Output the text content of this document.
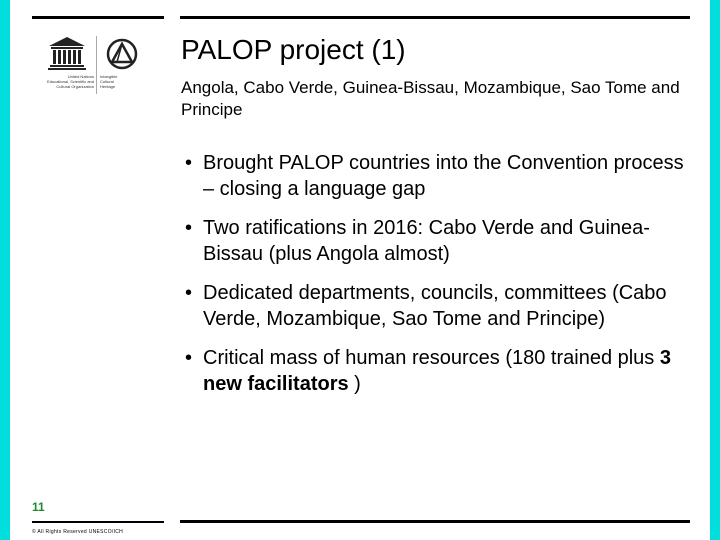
United Nations
Educational, Scientific and
Cultural Organization
Intangible
Cultural
Heritage
PALOP project (1)
Angola, Cabo Verde, Guinea-Bissau, Mozambique, Sao Tome and Principe
• Brought PALOP countries into the Convention process – closing a language gap
• Two ratifications in 2016: Cabo Verde and Guinea-Bissau (plus Angola almost)
• Dedicated departments, councils, committees (Cabo Verde, Mozambique, Sao Tome and Principe)
• Critical mass of human resources (180 trained plus 3 new facilitators )
11
© All Rights Reserved UNESCO/ICH
